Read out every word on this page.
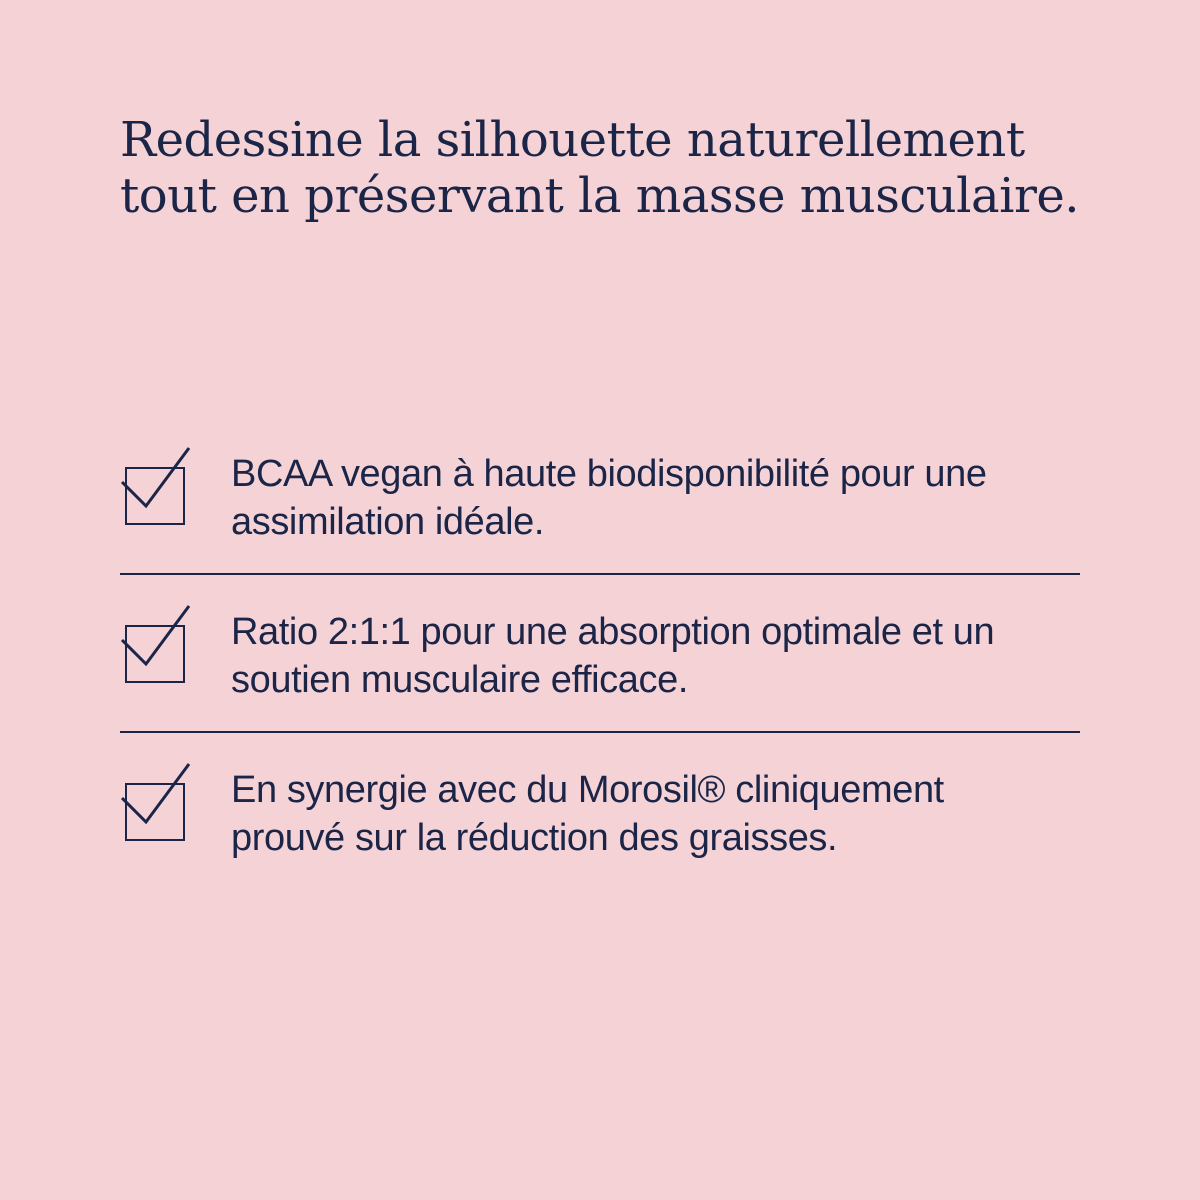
Redessine la silhouette naturellement
tout en préservant la masse musculaire.
BCAA vegan à haute biodisponibilité pour une
assimilation idéale.
Ratio 2:1:1 pour une absorption optimale et un
soutien musculaire efficace.
En synergie avec du Morosil® cliniquement
prouvé sur la réduction des graisses.
